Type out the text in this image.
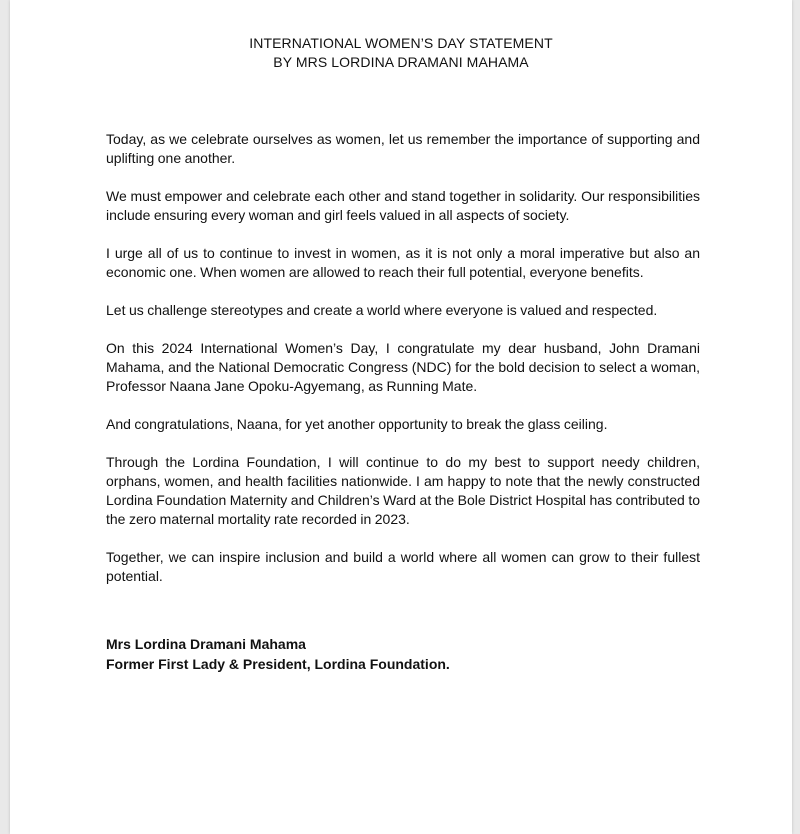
INTERNATIONAL WOMEN’S DAY STATEMENT
BY MRS LORDINA DRAMANI MAHAMA

Today, as we celebrate ourselves as women, let us remember the importance of supporting and uplifting one another.

We must empower and celebrate each other and stand together in solidarity. Our responsibilities include ensuring every woman and girl feels valued in all aspects of society.

I urge all of us to continue to invest in women, as it is not only a moral imperative but also an economic one. When women are allowed to reach their full potential, everyone benefits.

Let us challenge stereotypes and create a world where everyone is valued and respected.

On this 2024 International Women’s Day, I congratulate my dear husband, John Dramani Mahama, and the National Democratic Congress (NDC) for the bold decision to select a woman, Professor Naana Jane Opoku-Agyemang, as Running Mate.

And congratulations, Naana, for yet another opportunity to break the glass ceiling.

Through the Lordina Foundation, I will continue to do my best to support needy children, orphans, women, and health facilities nationwide. I am happy to note that the newly constructed Lordina Foundation Maternity and Children’s Ward at the Bole District Hospital has contributed to the zero maternal mortality rate recorded in 2023.

Together, we can inspire inclusion and build a world where all women can grow to their fullest potential.

Mrs Lordina Dramani Mahama
Former First Lady & President, Lordina Foundation.
